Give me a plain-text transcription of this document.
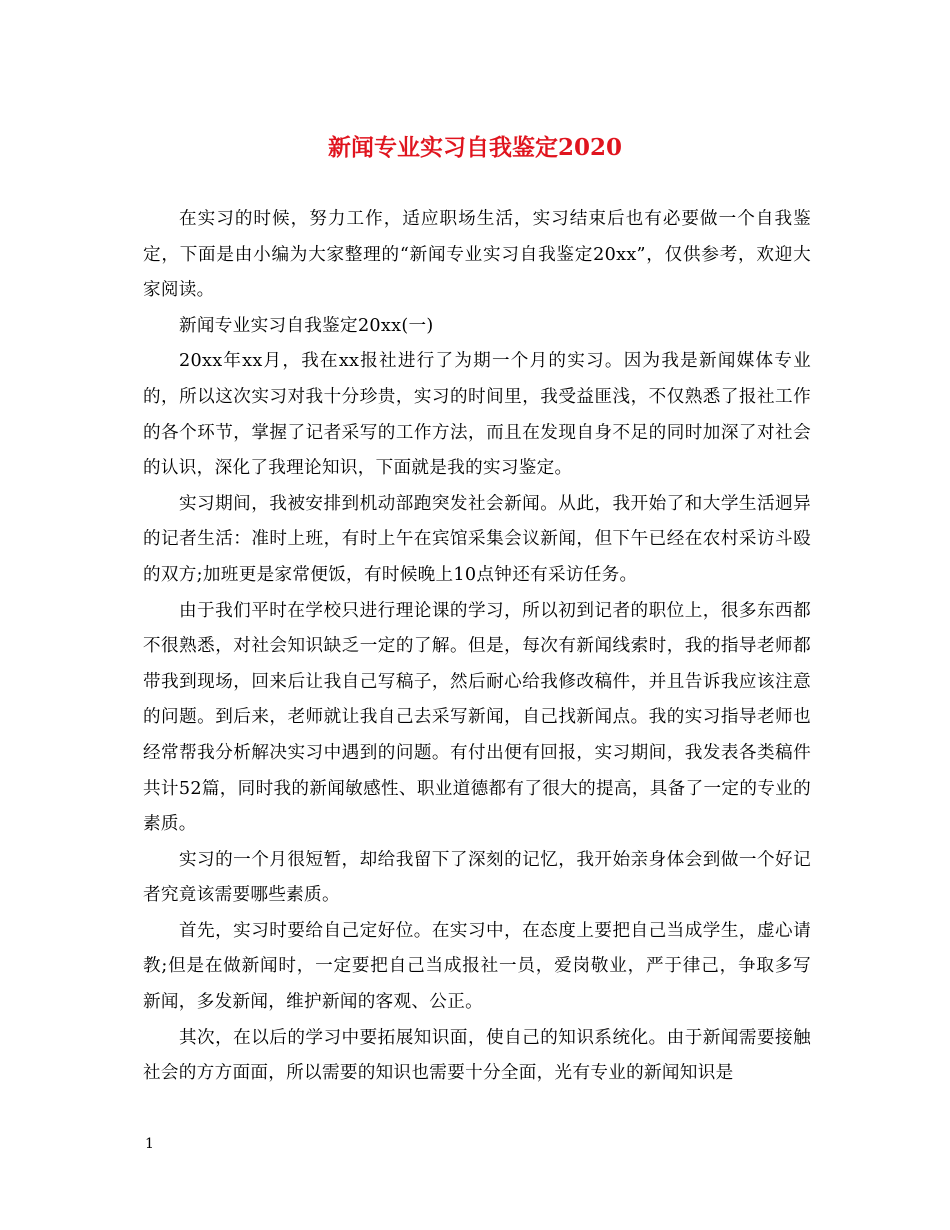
新闻专业实习自我鉴定2020

在实习的时候，努力工作，适应职场生活，实习结束后也有必要做一个自我鉴定，下面是由小编为大家整理的“新闻专业实习自我鉴定20xx”，仅供参考，欢迎大家阅读。

新闻专业实习自我鉴定20xx(一)

20xx年xx月，我在xx报社进行了为期一个月的实习。因为我是新闻媒体专业的，所以这次实习对我十分珍贵，实习的时间里，我受益匪浅，不仅熟悉了报社工作的各个环节，掌握了记者采写的工作方法，而且在发现自身不足的同时加深了对社会的认识，深化了我理论知识，下面就是我的实习鉴定。

实习期间，我被安排到机动部跑突发社会新闻。从此，我开始了和大学生活迥异的记者生活：准时上班，有时上午在宾馆采集会议新闻，但下午已经在农村采访斗殴的双方;加班更是家常便饭，有时候晚上10点钟还有采访任务。

由于我们平时在学校只进行理论课的学习，所以初到记者的职位上，很多东西都不很熟悉，对社会知识缺乏一定的了解。但是，每次有新闻线索时，我的指导老师都带我到现场，回来后让我自己写稿子，然后耐心给我修改稿件，并且告诉我应该注意的问题。到后来，老师就让我自己去采写新闻，自己找新闻点。我的实习指导老师也经常帮我分析解决实习中遇到的问题。有付出便有回报，实习期间，我发表各类稿件共计52篇，同时我的新闻敏感性、职业道德都有了很大的提高，具备了一定的专业的素质。

实习的一个月很短暂，却给我留下了深刻的记忆，我开始亲身体会到做一个好记者究竟该需要哪些素质。

首先，实习时要给自己定好位。在实习中，在态度上要把自己当成学生，虚心请教;但是在做新闻时，一定要把自己当成报社一员，爱岗敬业，严于律己，争取多写新闻，多发新闻，维护新闻的客观、公正。

其次，在以后的学习中要拓展知识面，使自己的知识系统化。由于新闻需要接触社会的方方面面，所以需要的知识也需要十分全面，光有专业的新闻知识是

1
